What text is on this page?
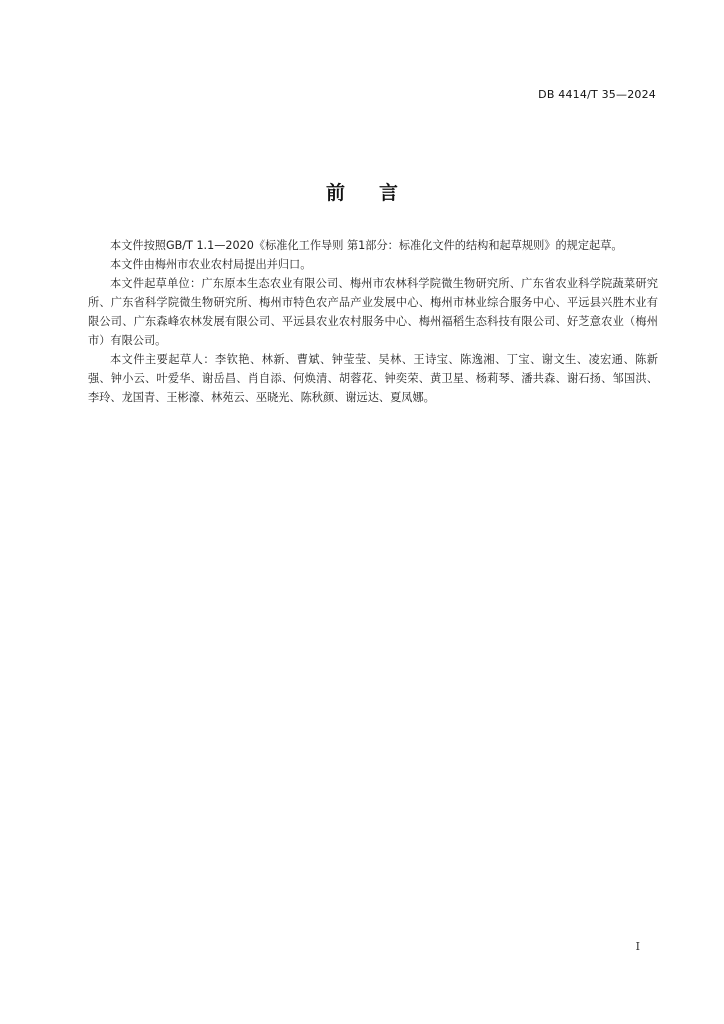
DB 4414/T 35—2024
前言

本文件按照GB/T 1.1—2020《标准化工作导则 第1部分：标准化文件的结构和起草规则》的规定起草。

本文件由梅州市农业农村局提出并归口。

本文件起草单位：广东原本生态农业有限公司、梅州市农林科学院微生物研究所、广东省农业科学院蔬菜研究所、广东省科学院微生物研究所、梅州市特色农产品产业发展中心、梅州市林业综合服务中心、平远县兴胜木业有限公司、广东森峰农林发展有限公司、平远县农业农村服务中心、梅州福稻生态科技有限公司、好芝意农业（梅州市）有限公司。

本文件主要起草人：李钦艳、林新、曹斌、钟莹莹、吴林、王诗宝、陈逸湘、丁宝、谢文生、凌宏通、陈新强、钟小云、叶爱华、谢岳昌、肖自添、何焕清、胡蓉花、钟奕荣、黄卫星、杨莉琴、潘共森、谢石扬、邹国洪、李玲、龙国青、王彬濠、林苑云、巫晓光、陈秋颜、谢远达、夏凤娜。

I
